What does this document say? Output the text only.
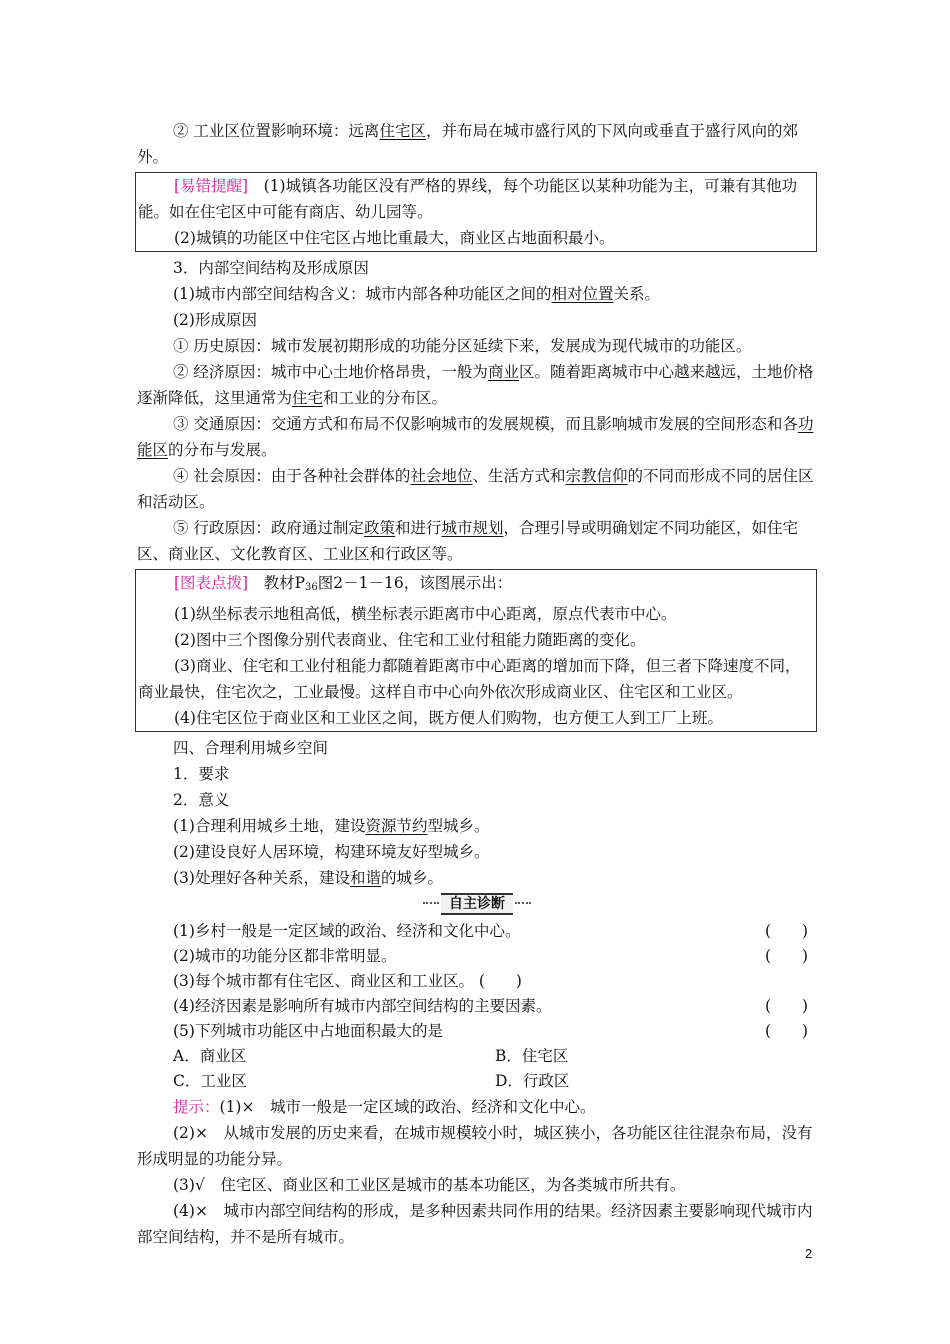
② 工业区位置影响环境：远离住宅区，并布局在城市盛行风的下风向或垂直于盛行风向的郊外。

[易错提醒]　(1)城镇各功能区没有严格的界线，每个功能区以某种功能为主，可兼有其他功能。如在住宅区中可能有商店、幼儿园等。

(2)城镇的功能区中住宅区占地比重最大，商业区占地面积最小。

3．内部空间结构及形成原因

(1)城市内部空间结构含义：城市内部各种功能区之间的相对位置关系。

(2)形成原因

① 历史原因：城市发展初期形成的功能分区延续下来，发展成为现代城市的功能区。

② 经济原因：城市中心土地价格昂贵，一般为商业区。随着距离城市中心越来越远，土地价格逐渐降低，这里通常为住宅和工业的分布区。

③ 交通原因：交通方式和布局不仅影响城市的发展规模，而且影响城市发展的空间形态和各功能区的分布与发展。

④ 社会原因：由于各种社会群体的社会地位、生活方式和宗教信仰的不同而形成不同的居住区和活动区。

⑤ 行政原因：政府通过制定政策和进行城市规划，合理引导或明确划定不同功能区，如住宅区、商业区、文化教育区、工业区和行政区等。

[图表点拨]　教材$P_{36}$图2－1－16，该图展示出：

(1)纵坐标表示地租高低，横坐标表示距离市中心距离，原点代表市中心。

(2)图中三个图像分别代表商业、住宅和工业付租能力随距离的变化。

(3)商业、住宅和工业付租能力都随着距离市中心距离的增加而下降，但三者下降速度不同，商业最快，住宅次之，工业最慢。这样自市中心向外依次形成商业区、住宅区和工业区。

(4)住宅区位于商业区和工业区之间，既方便人们购物，也方便工人到工厂上班。

四、合理利用城乡空间

1．要求

2．意义

(1)合理利用城乡土地，建设资源节约型城乡。

(2)建设良好人居环境，构建环境友好型城乡。

(3)处理好各种关系，建设和谐的城乡。

自主诊断
(1)乡村一般是一定区域的政治、经济和文化中心。	(　　)
(2)城市的功能分区都非常明显。	(　　)
(3)每个城市都有住宅区、商业区和工业区。 (　　)
(4)经济因素是影响所有城市内部空间结构的主要因素。	(　　)
(5)下列城市功能区中占地面积最大的是	(　　)
A．商业区	B．住宅区
C．工业区	D．行政区

提示：(1)×　城市一般是一定区域的政治、经济和文化中心。

(2)×　从城市发展的历史来看，在城市规模较小时，城区狭小，各功能区往往混杂布局，没有形成明显的功能分异。

(3)√　住宅区、商业区和工业区是城市的基本功能区，为各类城市所共有。

(4)×　城市内部空间结构的形成，是多种因素共同作用的结果。经济因素主要影响现代城市内部空间结构，并不是所有城市。

2
